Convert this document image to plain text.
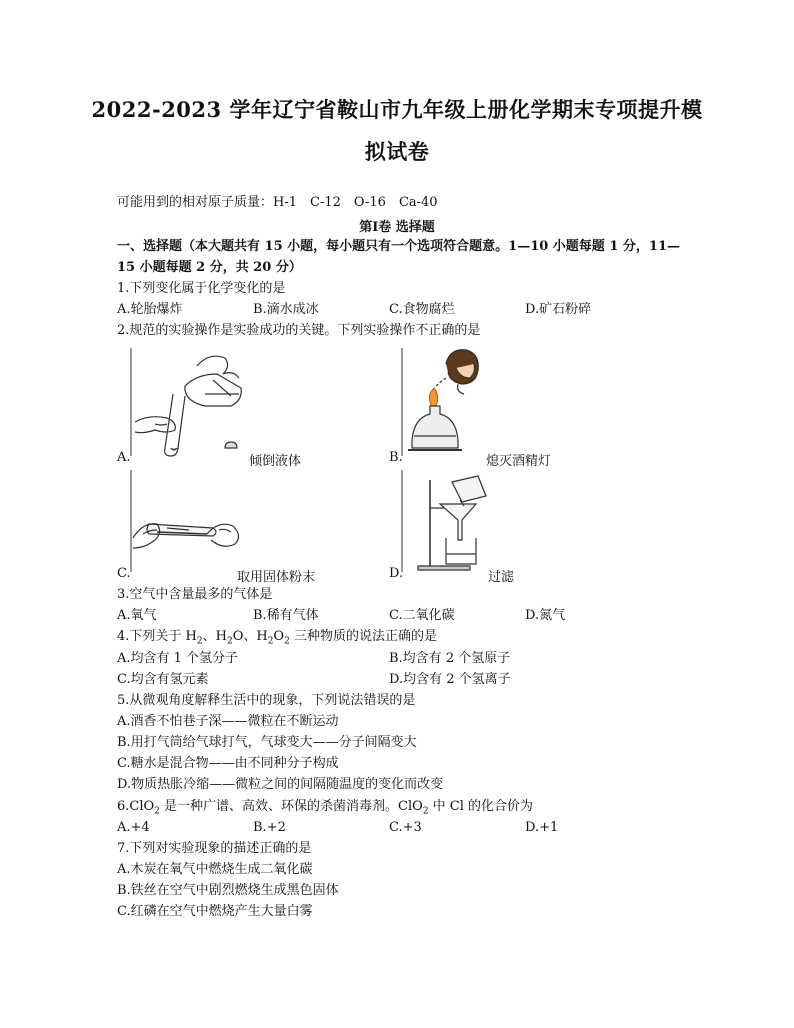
2022-2023 学年辽宁省鞍山市九年级上册化学期末专项提升模
拟试卷
可能用到的相对原子质量：H-1　C-12　O-16　Ca-40
第Ⅰ卷 选择题
一、选择题（本大题共有 15 小题，每小题只有一个选项符合题意。1—10 小题每题 1 分，11—
15 小题每题 2 分，共 20 分）
1.下列变化属于化学变化的是
A.轮胎爆炸	B.滴水成冰	C.食物腐烂	D.矿石粉碎
2.规范的实验操作是实验成功的关键。下列实验操作不正确的是
A.	倾倒液体	B.	熄灭酒精灯
C.	取用固体粉末	D.	过滤
3.空气中含量最多的气体是
A.氧气	B.稀有气体	C.二氧化碳	D.氮气
4.下列关于 $H_2$、$H_2O$、$H_2O_2$ 三种物质的说法正确的是
A.均含有 1 个氢分子	B.均含有 2 个氢原子
C.均含有氢元素	D.均含有 2 个氢离子
5.从微观角度解释生活中的现象，下列说法错误的是
A.酒香不怕巷子深——微粒在不断运动
B.用打气筒给气球打气，气球变大——分子间隔变大
C.糖水是混合物——由不同种分子构成
D.物质热胀冷缩——微粒之间的间隔随温度的变化而改变
6.ClO$_2$ 是一种广谱、高效、环保的杀菌消毒剂。ClO$_2$ 中 Cl 的化合价为
A.+4	B.+2	C.+3	D.+1
7.下列对实验现象的描述正确的是
A.木炭在氧气中燃烧生成二氧化碳
B.铁丝在空气中剧烈燃烧生成黑色固体
C.红磷在空气中燃烧产生大量白雾
